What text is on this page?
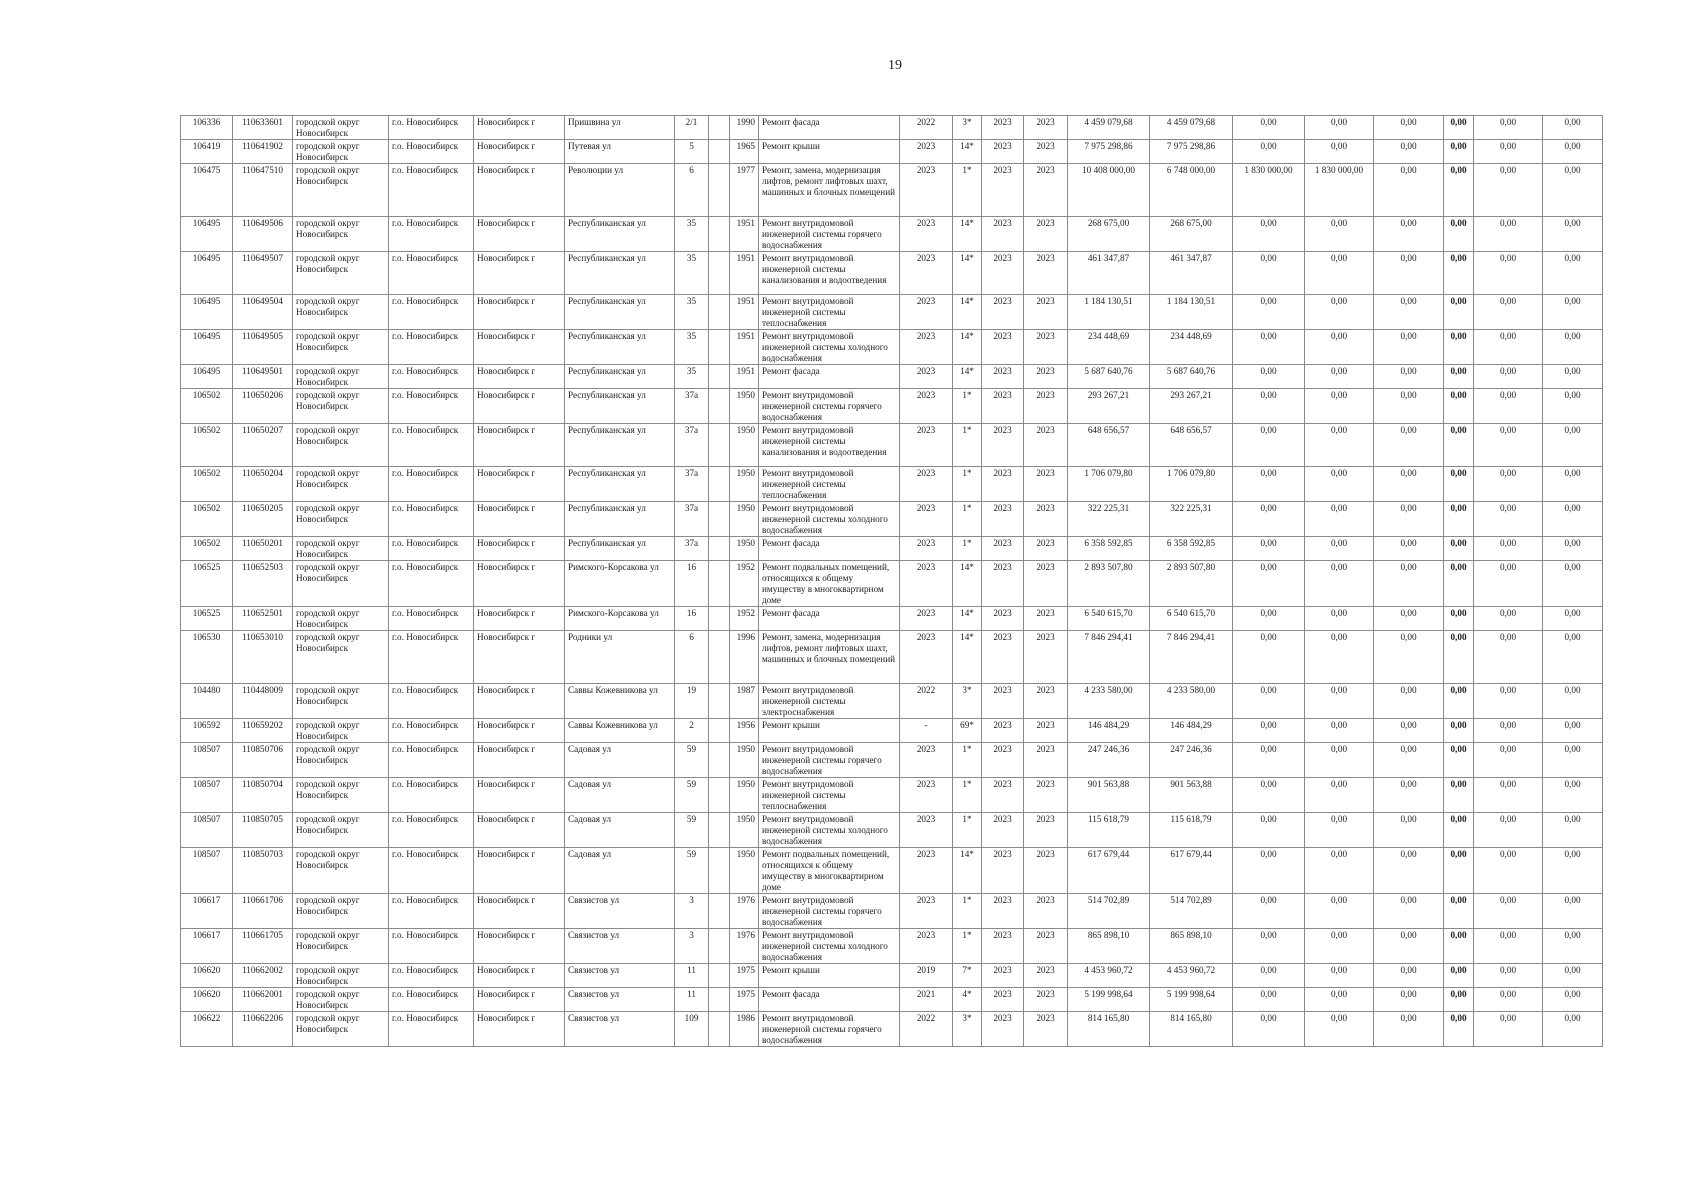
19
106336	110633601	городской округ Новосибирск	г.о. Новосибирск	Новосибирск г	Пришвина ул	2/1		1990	Ремонт фасада	2022	3*	2023	2023	4 459 079,68	4 459 079,68	0,00	0,00	0,00	0,00	0,00	0,00
106419	110641902	городской округ Новосибирск	г.о. Новосибирск	Новосибирск г	Путевая ул	5		1965	Ремонт крыши	2023	14*	2023	2023	7 975 298,86	7 975 298,86	0,00	0,00	0,00	0,00	0,00	0,00
106475	110647510	городской округ Новосибирск	г.о. Новосибирск	Новосибирск г	Революции ул	6		1977	Ремонт, замена, модернизация лифтов, ремонт лифтовых шахт, машинных и блочных помещений	2023	1*	2023	2023	10 408 000,00	6 748 000,00	1 830 000,00	1 830 000,00	0,00	0,00	0,00	0,00
106495	110649506	городской округ Новосибирск	г.о. Новосибирск	Новосибирск г	Республиканская ул	35		1951	Ремонт внутридомовой инженерной системы горячего водоснабжения	2023	14*	2023	2023	268 675,00	268 675,00	0,00	0,00	0,00	0,00	0,00	0,00
106495	110649507	городской округ Новосибирск	г.о. Новосибирск	Новосибирск г	Республиканская ул	35		1951	Ремонт внутридомовой инженерной системы канализования и водоотведения	2023	14*	2023	2023	461 347,87	461 347,87	0,00	0,00	0,00	0,00	0,00	0,00
106495	110649504	городской округ Новосибирск	г.о. Новосибирск	Новосибирск г	Республиканская ул	35		1951	Ремонт внутридомовой инженерной системы теплоснабжения	2023	14*	2023	2023	1 184 130,51	1 184 130,51	0,00	0,00	0,00	0,00	0,00	0,00
106495	110649505	городской округ Новосибирск	г.о. Новосибирск	Новосибирск г	Республиканская ул	35		1951	Ремонт внутридомовой инженерной системы холодного водоснабжения	2023	14*	2023	2023	234 448,69	234 448,69	0,00	0,00	0,00	0,00	0,00	0,00
106495	110649501	городской округ Новосибирск	г.о. Новосибирск	Новосибирск г	Республиканская ул	35		1951	Ремонт фасада	2023	14*	2023	2023	5 687 640,76	5 687 640,76	0,00	0,00	0,00	0,00	0,00	0,00
106502	110650206	городской округ Новосибирск	г.о. Новосибирск	Новосибирск г	Республиканская ул	37а		1950	Ремонт внутридомовой инженерной системы горячего водоснабжения	2023	1*	2023	2023	293 267,21	293 267,21	0,00	0,00	0,00	0,00	0,00	0,00
106502	110650207	городской округ Новосибирск	г.о. Новосибирск	Новосибирск г	Республиканская ул	37а		1950	Ремонт внутридомовой инженерной системы канализования и водоотведения	2023	1*	2023	2023	648 656,57	648 656,57	0,00	0,00	0,00	0,00	0,00	0,00
106502	110650204	городской округ Новосибирск	г.о. Новосибирск	Новосибирск г	Республиканская ул	37а		1950	Ремонт внутридомовой инженерной системы теплоснабжения	2023	1*	2023	2023	1 706 079,80	1 706 079,80	0,00	0,00	0,00	0,00	0,00	0,00
106502	110650205	городской округ Новосибирск	г.о. Новосибирск	Новосибирск г	Республиканская ул	37а		1950	Ремонт внутридомовой инженерной системы холодного водоснабжения	2023	1*	2023	2023	322 225,31	322 225,31	0,00	0,00	0,00	0,00	0,00	0,00
106502	110650201	городской округ Новосибирск	г.о. Новосибирск	Новосибирск г	Республиканская ул	37а		1950	Ремонт фасада	2023	1*	2023	2023	6 358 592,85	6 358 592,85	0,00	0,00	0,00	0,00	0,00	0,00
106525	110652503	городской округ Новосибирск	г.о. Новосибирск	Новосибирск г	Римского-Корсакова ул	16		1952	Ремонт подвальных помещений, относящихся к общему имуществу в многоквартирном доме	2023	14*	2023	2023	2 893 507,80	2 893 507,80	0,00	0,00	0,00	0,00	0,00	0,00
106525	110652501	городской округ Новосибирск	г.о. Новосибирск	Новосибирск г	Римского-Корсакова ул	16		1952	Ремонт фасада	2023	14*	2023	2023	6 540 615,70	6 540 615,70	0,00	0,00	0,00	0,00	0,00	0,00
106530	110653010	городской округ Новосибирск	г.о. Новосибирск	Новосибирск г	Родники ул	6		1996	Ремонт, замена, модернизация лифтов, ремонт лифтовых шахт, машинных и блочных помещений	2023	14*	2023	2023	7 846 294,41	7 846 294,41	0,00	0,00	0,00	0,00	0,00	0,00
104480	110448009	городской округ Новосибирск	г.о. Новосибирск	Новосибирск г	Саввы Кожевникова ул	19		1987	Ремонт внутридомовой инженерной системы электроснабжения	2022	3*	2023	2023	4 233 580,00	4 233 580,00	0,00	0,00	0,00	0,00	0,00	0,00
106592	110659202	городской округ Новосибирск	г.о. Новосибирск	Новосибирск г	Саввы Кожевникова ул	2		1956	Ремонт крыши	-	69*	2023	2023	146 484,29	146 484,29	0,00	0,00	0,00	0,00	0,00	0,00
108507	110850706	городской округ Новосибирск	г.о. Новосибирск	Новосибирск г	Садовая ул	59		1950	Ремонт внутридомовой инженерной системы горячего водоснабжения	2023	1*	2023	2023	247 246,36	247 246,36	0,00	0,00	0,00	0,00	0,00	0,00
108507	110850704	городской округ Новосибирск	г.о. Новосибирск	Новосибирск г	Садовая ул	59		1950	Ремонт внутридомовой инженерной системы теплоснабжения	2023	1*	2023	2023	901 563,88	901 563,88	0,00	0,00	0,00	0,00	0,00	0,00
108507	110850705	городской округ Новосибирск	г.о. Новосибирск	Новосибирск г	Садовая ул	59		1950	Ремонт внутридомовой инженерной системы холодного водоснабжения	2023	1*	2023	2023	115 618,79	115 618,79	0,00	0,00	0,00	0,00	0,00	0,00
108507	110850703	городской округ Новосибирск	г.о. Новосибирск	Новосибирск г	Садовая ул	59		1950	Ремонт подвальных помещений, относящихся к общему имуществу в многоквартирном доме	2023	14*	2023	2023	617 679,44	617 679,44	0,00	0,00	0,00	0,00	0,00	0,00
106617	110661706	городской округ Новосибирск	г.о. Новосибирск	Новосибирск г	Связистов ул	3		1976	Ремонт внутридомовой инженерной системы горячего водоснабжения	2023	1*	2023	2023	514 702,89	514 702,89	0,00	0,00	0,00	0,00	0,00	0,00
106617	110661705	городской округ Новосибирск	г.о. Новосибирск	Новосибирск г	Связистов ул	3		1976	Ремонт внутридомовой инженерной системы холодного водоснабжения	2023	1*	2023	2023	865 898,10	865 898,10	0,00	0,00	0,00	0,00	0,00	0,00
106620	110662002	городской округ Новосибирск	г.о. Новосибирск	Новосибирск г	Связистов ул	11		1975	Ремонт крыши	2019	7*	2023	2023	4 453 960,72	4 453 960,72	0,00	0,00	0,00	0,00	0,00	0,00
106620	110662001	городской округ Новосибирск	г.о. Новосибирск	Новосибирск г	Связистов ул	11		1975	Ремонт фасада	2021	4*	2023	2023	5 199 998,64	5 199 998,64	0,00	0,00	0,00	0,00	0,00	0,00
106622	110662206	городской округ Новосибирск	г.о. Новосибирск	Новосибирск г	Связистов ул	109		1986	Ремонт внутридомовой инженерной системы горячего водоснабжения	2022	3*	2023	2023	814 165,80	814 165,80	0,00	0,00	0,00	0,00	0,00	0,00
